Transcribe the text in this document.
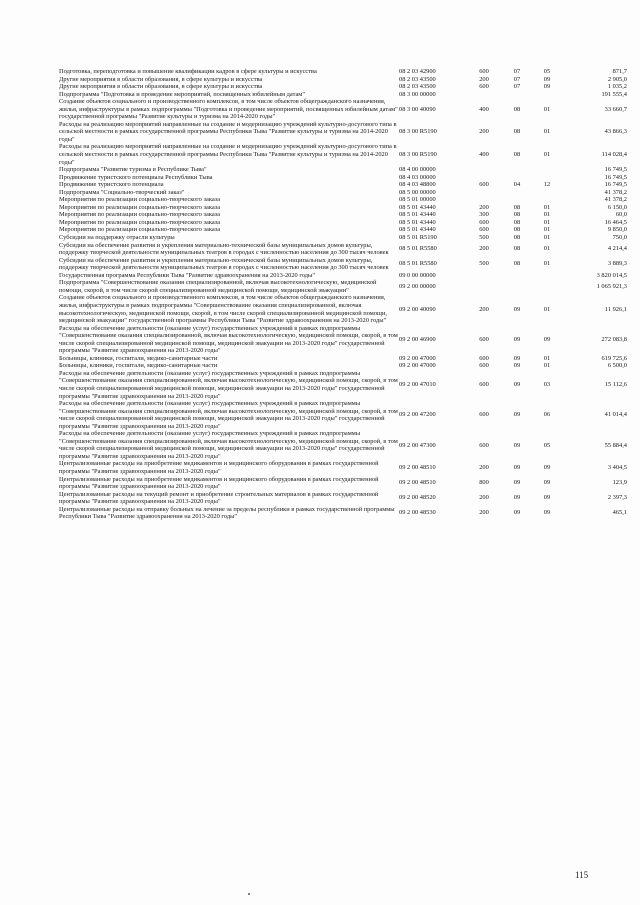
Подготовка, переподготовка и повышение квалификации кадров в сфере культуры и искусства	08 2 03 42900	600	07	05	871,7
Другие мероприятия в области образования, в сфере культуры и искусства	08 2 03 43500	200	07	09	2 905,0
Другие мероприятия в области образования, в сфере культуры и искусства	08 2 03 43500	600	07	09	1 035,2
Подпрограмма "Подготовка и проведение мероприятий, посвященных юбилейным датам"	08 3 00 00000				191 555,4
Создание объектов социального и производственного комплексов, в том числе объектов общегражданского назначения, жилья, инфраструктуры в рамках подпрограммы "Подготовка и проведение мероприятий, посвященных юбилейным датам" государственной программы "Развитие культуры и туризма на 2014-2020 годы"	08 3 00 40090	400	08	01	33 660,7
Расходы на реализацию мероприятий направленные на создание и модернизацию учреждений культурно-досугового типа в сельской местности в рамках государственной программы Республики Тыва "Развитие культуры и туризма на 2014-2020 годы"	08 3 00 R5190	200	08	01	43 866,3
Расходы на реализацию мероприятий направленные на создание и модернизацию учреждений культурно-досугового типа в сельской местности в рамках государственной программы Республики Тыва "Развитие культуры и туризма на 2014-2020 годы"	08 3 00 R5190	400	08	01	114 028,4
Подпрограмма "Развитие туризма в Республике Тыва"	08 4 00 00000				16 749,5
Продвижение туристского потенциала Республики Тыва	08 4 03 00000				16 749,5
Продвижение туристского потенциала	08 4 03 48800	600	04	12	16 749,5
Подпрограмма "Социально-творческий заказ"	08 5 00 00000				41 378,2
Мероприятия по реализации социально-творческого заказа	08 5 01 00000				41 378,2
Мероприятия по реализации социально-творческого заказа	08 5 01 43440	200	08	01	6 150,0
Мероприятия по реализации социально-творческого заказа	08 5 01 43440	300	08	01	60,0
Мероприятия по реализации социально-творческого заказа	08 5 01 43440	600	08	01	16 464,5
Мероприятия по реализации социально-творческого заказа	08 5 01 43440	600	08	01	9 850,0
Субсидии на поддержку отрасли культуры	08 5 01 R5190	500	08	01	750,0
Субсидии на обеспечение развития и укрепления материально-технической базы муниципальных домов культуры, поддержку творческой деятельности муниципальных театров в городах с численностью населения до 300 тысяч человек	08 5 01 R5580	200	08	01	4 214,4
Субсидии на обеспечение развития и укрепления материально-технической базы муниципальных домов культуры, поддержку творческой деятельности муниципальных театров в городах с численностью населения до 300 тысяч человек	08 5 01 R5580	500	08	01	3 889,3
Государственная программа Республики Тыва "Развитие здравоохранения на 2013-2020 годы"	09 0 00 00000				3 820 014,5
Подпрограмма "Совершенствование оказания специализированной, включая высокотехнологическую, медицинской помощи, скорой, в том числе скорой специализированной медицинской помощи, медицинской эвакуации"	09 2 00 00000				1 065 921,3
Создание объектов социального и производственного комплексов, в том числе объектов общегражданского назначения, жилья, инфраструктуры в рамках подпрограммы "Совершенствование оказания специализированной, включая высокотехнологическую, медицинской помощи, скорой, в том числе скорой специализированной медицинской помощи, медицинской эвакуации" государственной программы Республики Тыва "Развитие здравоохранения на 2013-2020 годы"	09 2 00 40090	200	09	01	11 926,1
Расходы на обеспечение деятельности (оказание услуг) государственных учреждений в рамках подпрограммы "Совершенствование оказания специализированной, включая высокотехнологическую, медицинской помощи, скорой, в том числе скорой специализированной медицинской помощи, медицинской эвакуации на 2013-2020 годы" государственной программы "Развитие здравоохранения на 2013-2020 годы"	09 2 00 46900	600	09	09	272 083,8
Больницы, клиники, госпитали, медико-санитарные части	09 2 00 47000	600	09	01	619 725,6
Больницы, клиники, госпитали, медико-санитарные части	09 2 00 47000	600	09	01	6 500,0
Расходы на обеспечение деятельности (оказание услуг) государственных учреждений в рамках подпрограммы "Совершенствование оказания специализированной, включая высокотехнологическую, медицинской помощи, скорой, в том числе скорой специализированной медицинской помощи, медицинской эвакуации на 2013-2020 годы" государственной программы "Развитие здравоохранения на 2013-2020 годы"	09 2 00 47010	600	09	03	15 112,6
Расходы на обеспечение деятельности (оказание услуг) государственных учреждений в рамках подпрограммы "Совершенствование оказания специализированной, включая высокотехнологическую, медицинской помощи, скорой, в том числе скорой специализированной медицинской помощи, медицинской эвакуации на 2013-2020 годы" государственной программы "Развитие здравоохранения на 2013-2020 годы"	09 2 00 47200	600	09	06	41 014,4
Расходы на обеспечение деятельности (оказание услуг) государственных учреждений в рамках подпрограммы "Совершенствование оказания специализированной, включая высокотехнологическую, медицинской помощи, скорой, в том числе скорой специализированной медицинской помощи, медицинской эвакуации на 2013-2020 годы" государственной программы "Развитие здравоохранения на 2013-2020 годы"	09 2 00 47300	600	09	05	55 884,4
Централизованные расходы на приобретение медикаментов и медицинского оборудования в рамках государственной программы "Развитие здравоохранения на 2013-2020 годы"	09 2 00 48510	200	09	09	3 404,5
Централизованные расходы на приобретение медикаментов и медицинского оборудования в рамках государственной программы "Развитие здравоохранения на 2013-2020 годы"	09 2 00 48510	800	09	09	123,9
Централизованные расходы на текущий ремонт и приобретение строительных материалов в рамках государственной программы "Развитие здравоохранения на 2013-2020 годы"	09 2 00 48520	200	09	09	2 397,3
Централизованные расходы на отправку больных на лечение за пределы республики в рамках государственной программы Республики Тыва "Развитие здравоохранения на 2013-2020 годы"	09 2 00 48530	200	09	09	465,1
115
